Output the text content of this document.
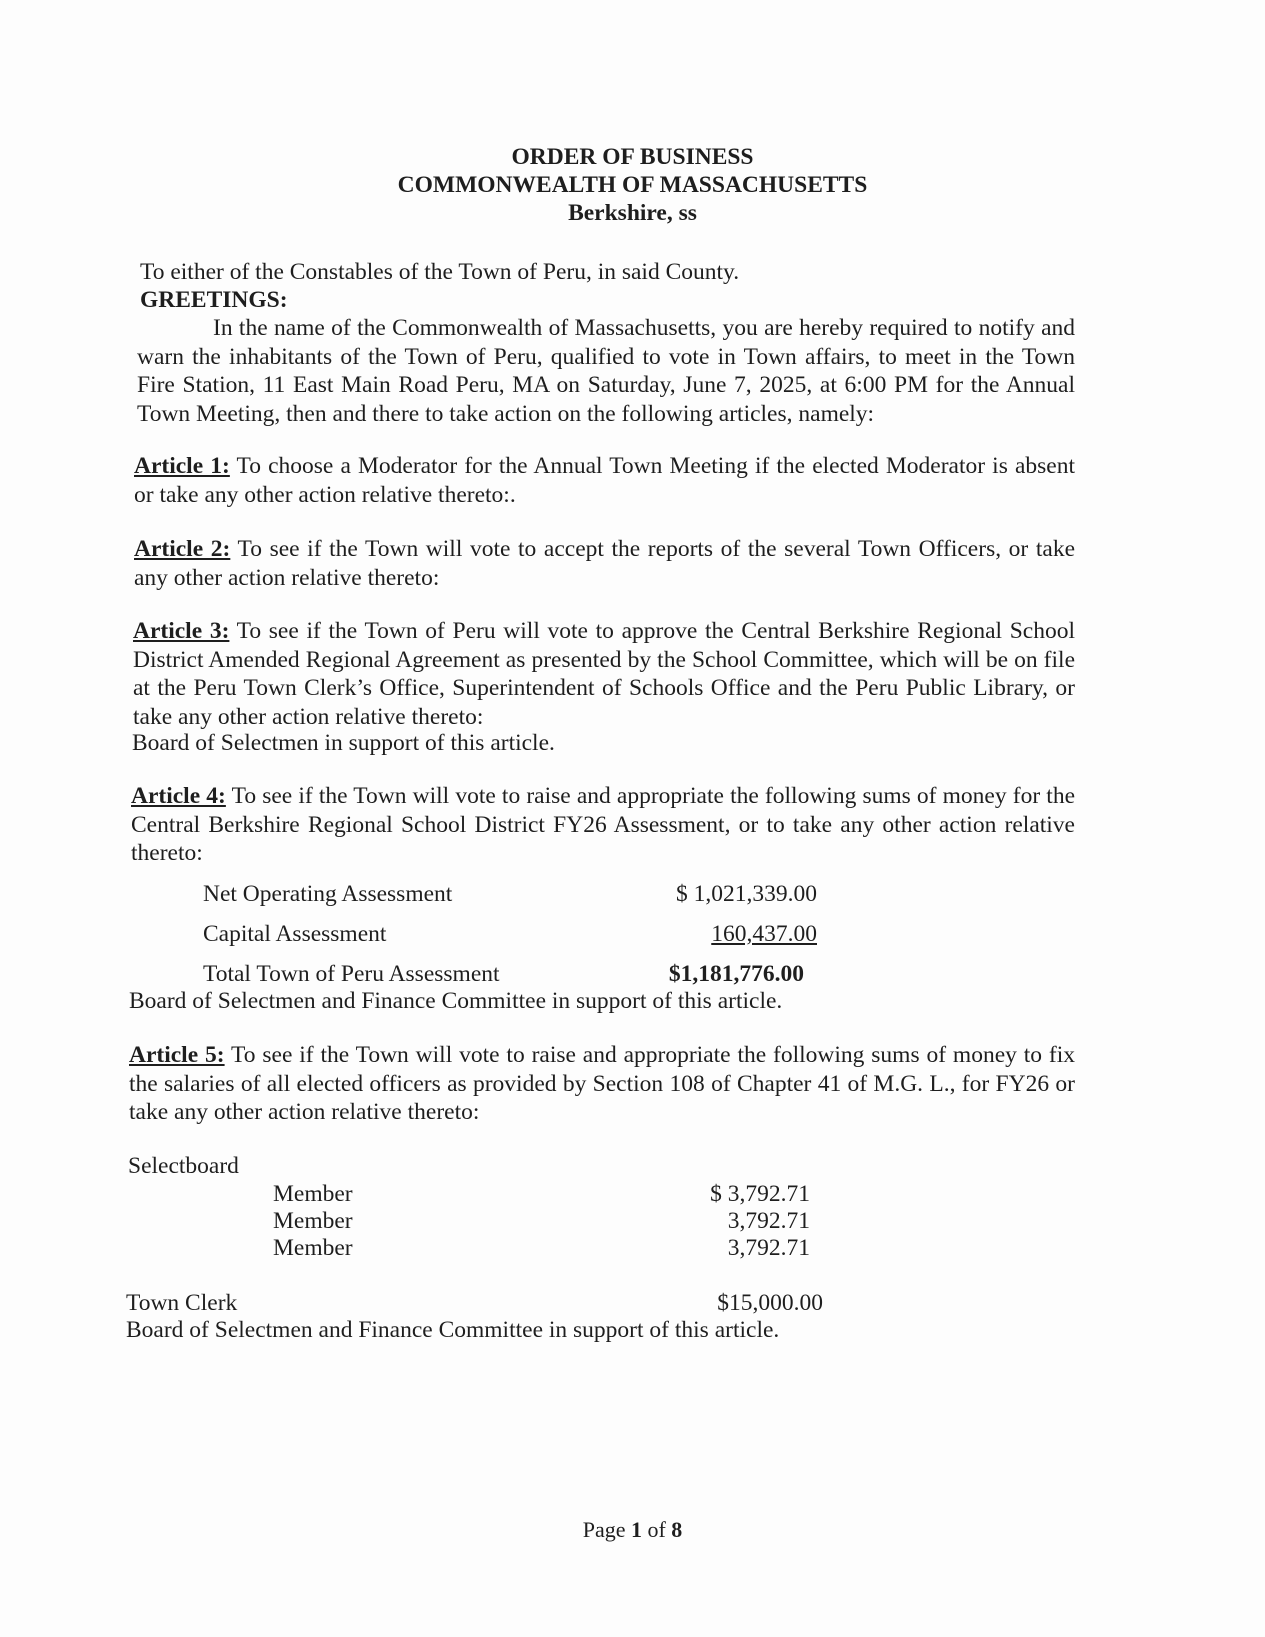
ORDER OF BUSINESS
COMMONWEALTH OF MASSACHUSETTS
Berkshire, ss
To either of the Constables of the Town of Peru, in said County.
GREETINGS:
In the name of the Commonwealth of Massachusetts, you are hereby required to notify and warn the inhabitants of the Town of Peru, qualified to vote in Town affairs, to meet in the Town Fire Station, 11 East Main Road Peru, MA on Saturday, June 7, 2025, at 6:00 PM for the Annual Town Meeting, then and there to take action on the following articles, namely:
Article 1: To choose a Moderator for the Annual Town Meeting if the elected Moderator is absent or take any other action relative thereto:.
Article 2: To see if the Town will vote to accept the reports of the several Town Officers, or take any other action relative thereto:
Article 3: To see if the Town of Peru will vote to approve the Central Berkshire Regional School District Amended Regional Agreement as presented by the School Committee, which will be on file at the Peru Town Clerk’s Office, Superintendent of Schools Office and the Peru Public Library, or take any other action relative thereto:
Board of Selectmen in support of this article.
Article 4: To see if the Town will vote to raise and appropriate the following sums of money for the Central Berkshire Regional School District FY26 Assessment, or to take any other action relative thereto:
Net Operating Assessment	$ 1,021,339.00
Capital Assessment	160,437.00
Total Town of Peru Assessment	$1,181,776.00
Board of Selectmen and Finance Committee in support of this article.
Article 5: To see if the Town will vote to raise and appropriate the following sums of money to fix the salaries of all elected officers as provided by Section 108 of Chapter 41 of M.G. L., for FY26 or take any other action relative thereto:
Selectboard
Member	$ 3,792.71
Member	3,792.71
Member	3,792.71
Town Clerk	$15,000.00
Board of Selectmen and Finance Committee in support of this article.
Page 1 of 8
